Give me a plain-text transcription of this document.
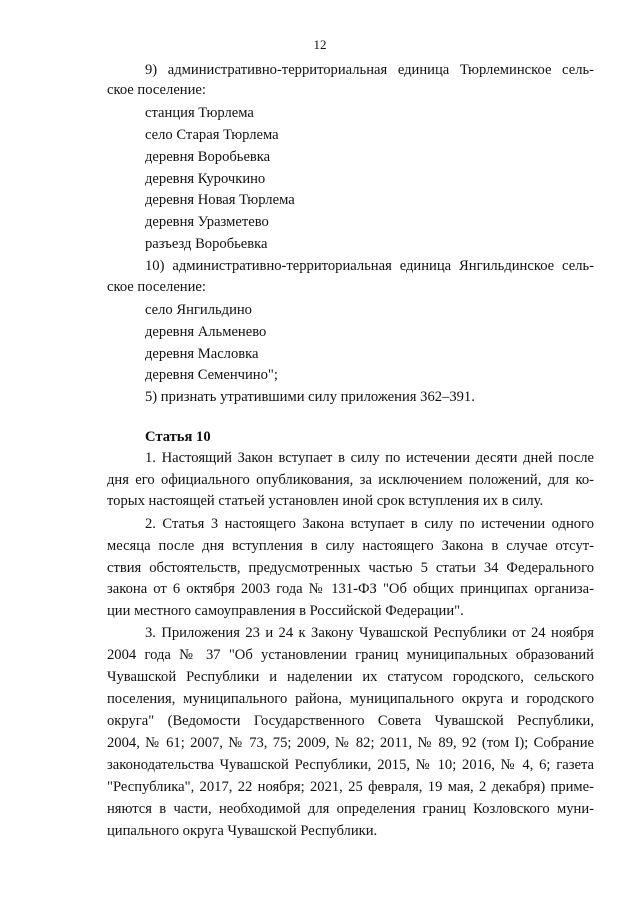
12
9) административно-территориальная единица Тюрлеминское сель-
ское поселение:
станция Тюрлема
село Старая Тюрлема
деревня Воробьевка
деревня Курочкино
деревня Новая Тюрлема
деревня Уразметево
разъезд Воробьевка
10) административно-территориальная единица Янгильдинское сель-
ское поселение:
село Янгильдино
деревня Альменево
деревня Масловка
деревня Семенчино";
5) признать утратившими силу приложения 362–391.
Статья 10
1. Настоящий Закон вступает в силу по истечении десяти дней после
дня его официального опубликования, за исключением положений, для ко-
торых настоящей статьей установлен иной срок вступления их в силу.
2. Статья 3 настоящего Закона вступает в силу по истечении одного
месяца после дня вступления в силу настоящего Закона в случае отсут-
ствия обстоятельств, предусмотренных частью 5 статьи 34 Федерального
закона от 6 октября 2003 года № 131-ФЗ "Об общих принципах организа-
ции местного самоуправления в Российской Федерации".
3. Приложения 23 и 24 к Закону Чувашской Республики от 24 ноября
2004 года № 37 "Об установлении границ муниципальных образований
Чувашской Республики и наделении их статусом городского, сельского
поселения, муниципального района, муниципального округа и городского
округа" (Ведомости Государственного Совета Чувашской Республики,
2004, № 61; 2007, № 73, 75; 2009, № 82; 2011, № 89, 92 (том I); Собрание
законодательства Чувашской Республики, 2015, № 10; 2016, № 4, 6; газета
"Республика", 2017, 22 ноября; 2021, 25 февраля, 19 мая, 2 декабря) приме-
няются в части, необходимой для определения границ Козловского муни-
ципального округа Чувашской Республики.
